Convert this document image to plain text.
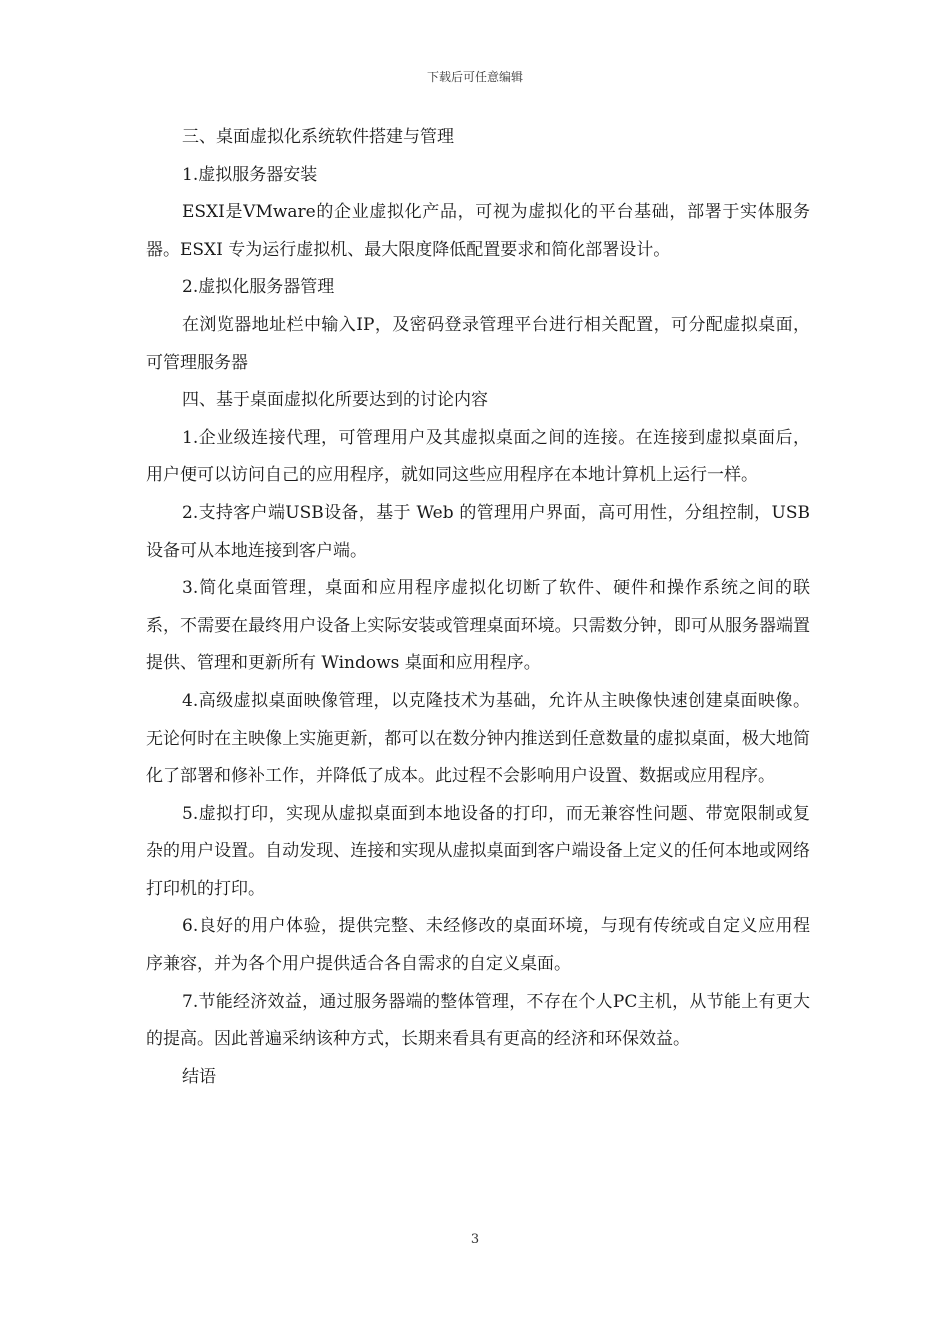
下载后可任意编辑

三、桌面虚拟化系统软件搭建与管理

1.虚拟服务器安装

ESXI是VMware的企业虚拟化产品，可视为虚拟化的平台基础，部署于实体服务器。ESXI 专为运行虚拟机、最大限度降低配置要求和简化部署设计。

2.虚拟化服务器管理

在浏览器地址栏中输入IP，及密码登录管理平台进行相关配置，可分配虚拟桌面，可管理服务器

四、基于桌面虚拟化所要达到的讨论内容

1.企业级连接代理，可管理用户及其虚拟桌面之间的连接。在连接到虚拟桌面后，用户便可以访问自己的应用程序，就如同这些应用程序在本地计算机上运行一样。

2.支持客户端USB设备，基于 Web 的管理用户界面，高可用性，分组控制，USB 设备可从本地连接到客户端。

3.简化桌面管理，桌面和应用程序虚拟化切断了软件、硬件和操作系统之间的联系，不需要在最终用户设备上实际安装或管理桌面环境。只需数分钟，即可从服务器端置提供、管理和更新所有 Windows 桌面和应用程序。

4.高级虚拟桌面映像管理，以克隆技术为基础，允许从主映像快速创建桌面映像。无论何时在主映像上实施更新，都可以在数分钟内推送到任意数量的虚拟桌面，极大地简化了部署和修补工作，并降低了成本。此过程不会影响用户设置、数据或应用程序。

5.虚拟打印，实现从虚拟桌面到本地设备的打印，而无兼容性问题、带宽限制或复杂的用户设置。自动发现、连接和实现从虚拟桌面到客户端设备上定义的任何本地或网络打印机的打印。

6.良好的用户体验，提供完整、未经修改的桌面环境，与现有传统或自定义应用程序兼容，并为各个用户提供适合各自需求的自定义桌面。

7.节能经济效益，通过服务器端的整体管理，不存在个人PC主机，从节能上有更大的提高。因此普遍采纳该种方式，长期来看具有更高的经济和环保效益。

结语

3
